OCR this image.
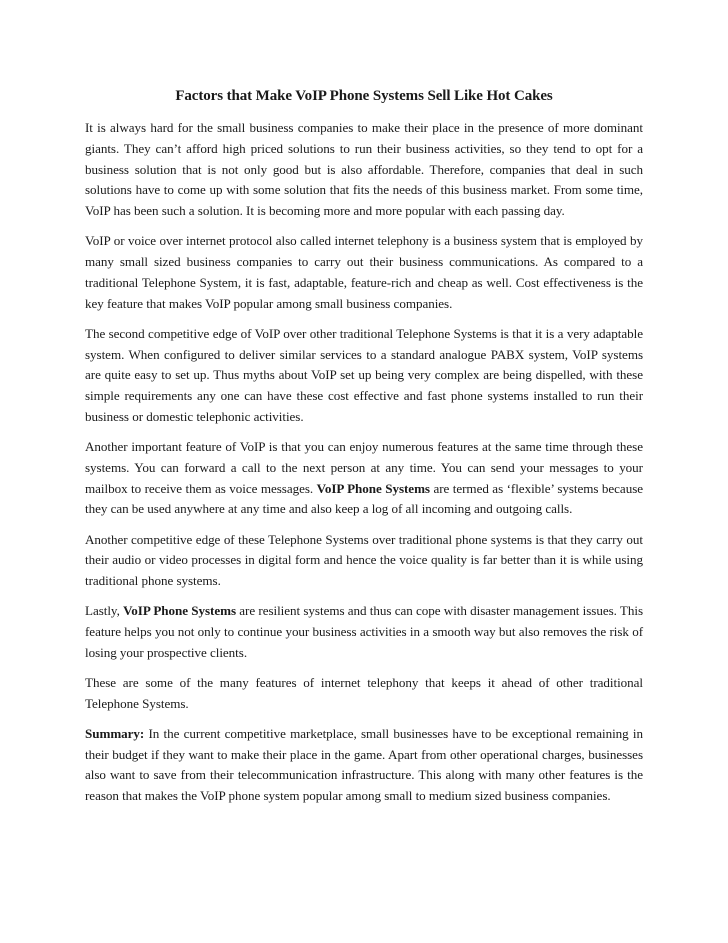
Factors that Make VoIP Phone Systems Sell Like Hot Cakes

It is always hard for the small business companies to make their place in the presence of more dominant giants. They can’t afford high priced solutions to run their business activities, so they tend to opt for a business solution that is not only good but is also affordable. Therefore, companies that deal in such solutions have to come up with some solution that fits the needs of this business market. From some time, VoIP has been such a solution. It is becoming more and more popular with each passing day.

VoIP or voice over internet protocol also called internet telephony is a business system that is employed by many small sized business companies to carry out their business communications. As compared to a traditional Telephone System, it is fast, adaptable, feature-rich and cheap as well. Cost effectiveness is the key feature that makes VoIP popular among small business companies.

The second competitive edge of VoIP over other traditional Telephone Systems is that it is a very adaptable system. When configured to deliver similar services to a standard analogue PABX system, VoIP systems are quite easy to set up. Thus myths about VoIP set up being very complex are being dispelled, with these simple requirements any one can have these cost effective and fast phone systems installed to run their business or domestic telephonic activities.

Another important feature of VoIP is that you can enjoy numerous features at the same time through these systems. You can forward a call to the next person at any time. You can send your messages to your mailbox to receive them as voice messages. VoIP Phone Systems are termed as ‘flexible’ systems because they can be used anywhere at any time and also keep a log of all incoming and outgoing calls.

Another competitive edge of these Telephone Systems over traditional phone systems is that they carry out their audio or video processes in digital form and hence the voice quality is far better than it is while using traditional phone systems.

Lastly, VoIP Phone Systems are resilient systems and thus can cope with disaster management issues. This feature helps you not only to continue your business activities in a smooth way but also removes the risk of losing your prospective clients.

These are some of the many features of internet telephony that keeps it ahead of other traditional Telephone Systems.

Summary: In the current competitive marketplace, small businesses have to be exceptional remaining in their budget if they want to make their place in the game. Apart from other operational charges, businesses also want to save from their telecommunication infrastructure. This along with many other features is the reason that makes the VoIP phone system popular among small to medium sized business companies.
